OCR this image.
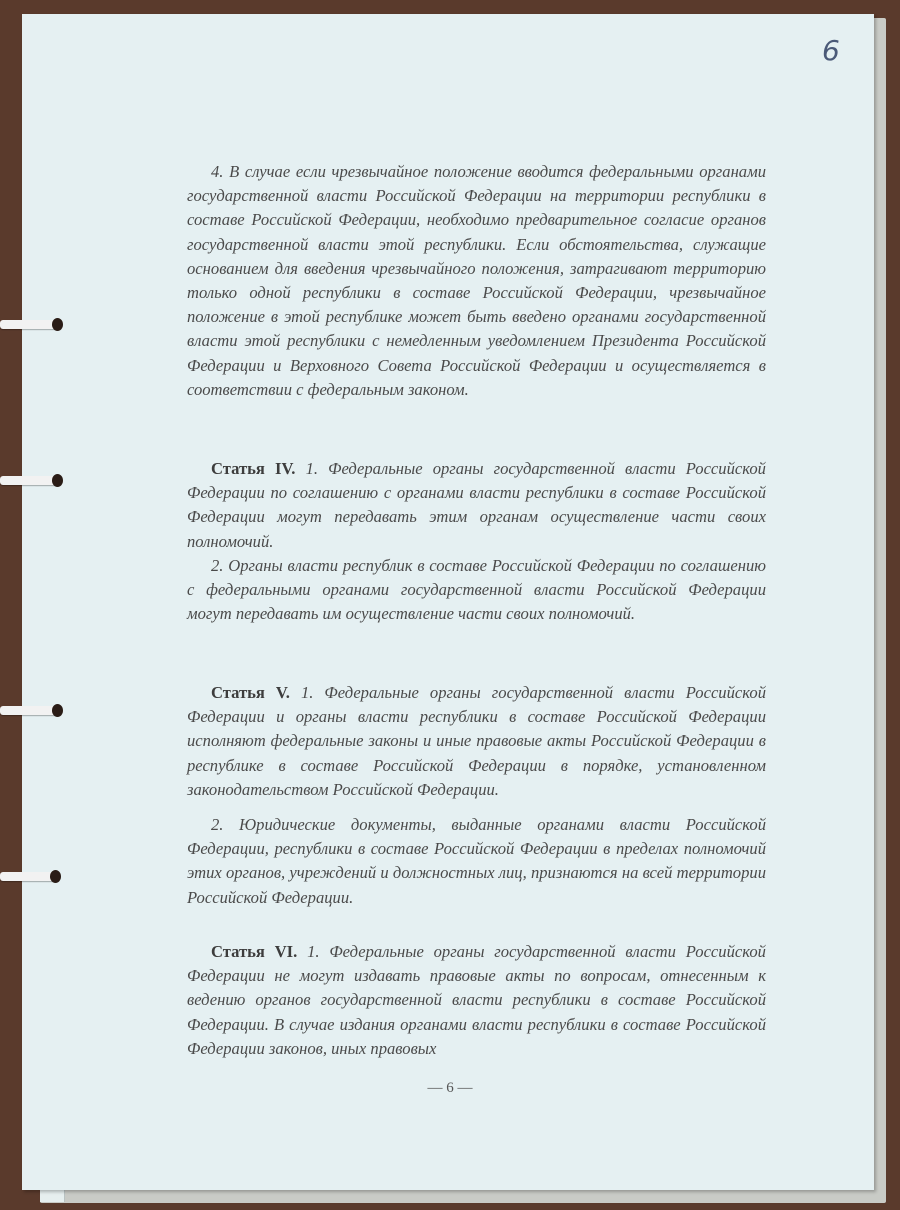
6

4. В случае если чрезвычайное положение вводится федеральными органами государственной власти Российской Федерации на территории республики в составе Российской Федерации, необходимо предварительное согласие органов государственной власти этой республики. Если обстоятельства, служащие основанием для введения чрезвычайного положения, затрагивают территорию только одной республики в составе Российской Федерации, чрезвычайное положение в этой республике может быть введено органами государственной власти этой республики с немедленным уведомлением Президента Российской Федерации и Верховного Совета Российской Федерации и осуществляется в соответствии с федеральным законом.

Статья IV. 1. Федеральные органы государственной власти Российской Федерации по соглашению с органами власти республики в составе Российской Федерации могут передавать этим органам осуществление части своих полномочий.

2. Органы власти республик в составе Российской Федерации по соглашению с федеральными органами государственной власти Российской Федерации могут передавать им осуществление части своих полномочий.

Статья V. 1. Федеральные органы государственной власти Российской Федерации и органы власти республики в составе Российской Федерации исполняют федеральные законы и иные правовые акты Российской Федерации в республике в составе Российской Федерации в порядке, установленном законодательством Российской Федерации.

2. Юридические документы, выданные органами власти Российской Федерации, республики в составе Российской Федерации в пределах полномочий этих органов, учреждений и должностных лиц, признаются на всей территории Российской Федерации.

Статья VI. 1. Федеральные органы государственной власти Российской Федерации не могут издавать правовые акты по вопросам, отнесенным к ведению органов государственной власти республики в составе Российской Федерации. В случае издания органами власти республики в составе Российской Федерации законов, иных правовых

— 6 —
